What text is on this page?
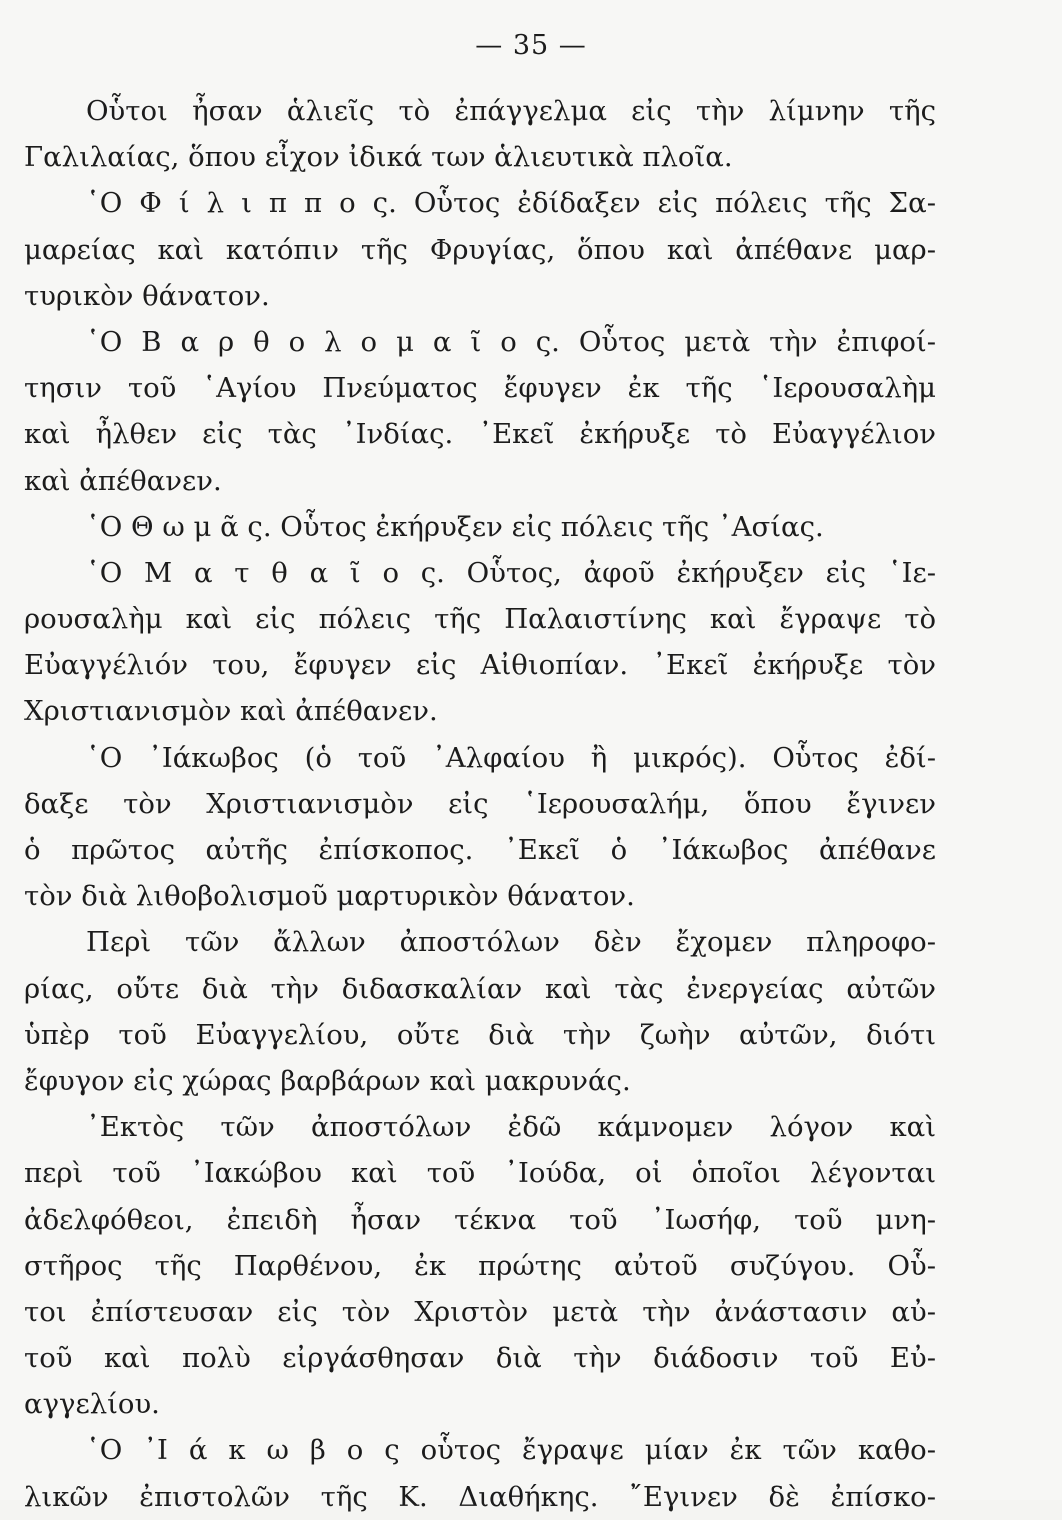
— 35 —
Οὗτοι ἦσαν ἁλιεῖς τὸ ἐπάγγελμα εἰς τὴν λίμνην τῆς
Γαλιλαίας, ὅπου εἶχον ἰδικά των ἁλιευτικὰ πλοῖα.
῾Ο Φ ί λ ι π π ο ς. Οὗτος ἐδίδαξεν εἰς πόλεις τῆς Σα-
μαρείας καὶ κατόπιν τῆς Φρυγίας, ὅπου καὶ ἀπέθανε μαρ-
τυρικὸν θάνατον.
῾Ο Β α ρ θ ο λ ο μ α ῖ ο ς. Οὗτος μετὰ τὴν ἐπιφοί-
τησιν τοῦ ῾Αγίου Πνεύματος ἔφυγεν ἐκ τῆς ῾Ιερουσαλὴμ
καὶ ἦλθεν εἰς τὰς ᾿Ινδίας. ᾿Εκεῖ ἐκήρυξε τὸ Εὐαγγέλιον
καὶ ἀπέθανεν.
῾Ο Θ ω μ ᾶ ς. Οὗτος ἐκήρυξεν εἰς πόλεις τῆς ᾿Ασίας.
῾Ο Μ α τ θ α ῖ ο ς. Οὗτος, ἀφοῦ ἐκήρυξεν εἰς ῾Ιε-
ρουσαλὴμ καὶ εἰς πόλεις τῆς Παλαιστίνης καὶ ἔγραψε τὸ
Εὐαγγέλιόν του, ἔφυγεν εἰς Αἰθιοπίαν. ᾿Εκεῖ ἐκήρυξε τὸν
Χριστιανισμὸν καὶ ἀπέθανεν.
῾Ο ᾿Ιάκωβος (ὁ τοῦ ᾿Αλφαίου ἢ μικρός). Οὗτος ἐδί-
δαξε τὸν Χριστιανισμὸν εἰς ῾Ιερουσαλήμ, ὅπου ἔγινεν
ὁ πρῶτος αὐτῆς ἐπίσκοπος. ᾿Εκεῖ ὁ ᾿Ιάκωβος ἀπέθανε
τὸν διὰ λιθοβολισμοῦ μαρτυρικὸν θάνατον.
Περὶ τῶν ἄλλων ἀποστόλων δὲν ἔχομεν πληροφο-
ρίας, οὔτε διὰ τὴν διδασκαλίαν καὶ τὰς ἐνεργείας αὐτῶν
ὑπὲρ τοῦ Εὐαγγελίου, οὔτε διὰ τὴν ζωὴν αὐτῶν, διότι
ἔφυγον εἰς χώρας βαρβάρων καὶ μακρυνάς.
᾿Εκτὸς τῶν ἀποστόλων ἐδῶ κάμνομεν λόγον καὶ
περὶ τοῦ ᾿Ιακώβου καὶ τοῦ ᾿Ιούδα, οἱ ὁποῖοι λέγονται
ἀδελφόθεοι, ἐπειδὴ ἦσαν τέκνα τοῦ ᾿Ιωσήφ, τοῦ μνη-
στῆρος τῆς Παρθένου, ἐκ πρώτης αὐτοῦ συζύγου. Οὗ-
τοι ἐπίστευσαν εἰς τὸν Χριστὸν μετὰ τὴν ἀνάστασιν αὐ-
τοῦ καὶ πολὺ εἰργάσθησαν διὰ τὴν διάδοσιν τοῦ Εὐ-
αγγελίου.
῾Ο ᾿Ι ά κ ω β ο ς οὗτος ἔγραψε μίαν ἐκ τῶν καθο-
λικῶν ἐπιστολῶν τῆς Κ. Διαθήκης. ῎Εγινεν δὲ ἐπίσκο-
